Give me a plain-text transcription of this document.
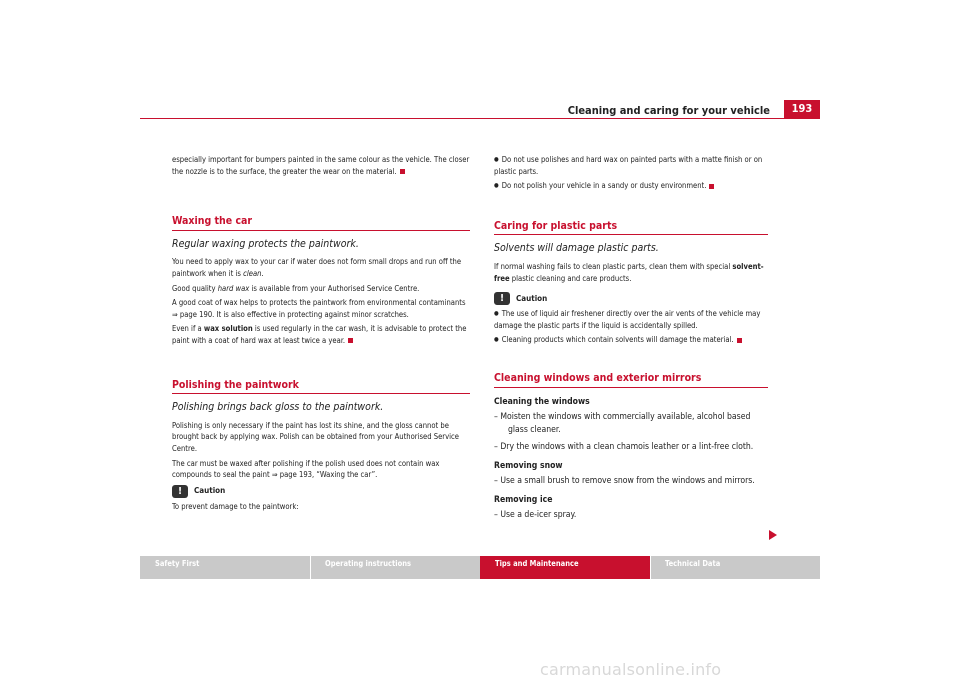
Cleaning and caring for your vehicle	193

especially important for bumpers painted in the same colour as the vehicle. The closer the nozzle is to the surface, the greater the wear on the material.

Waxing the car
Regular waxing protects the paintwork.

You need to apply wax to your car if water does not form small drops and run off the paintwork when it is clean.

Good quality hard wax is available from your Authorised Service Centre.

A good coat of wax helps to protects the paintwork from environmental contaminants ⇒ page 190. It is also effective in protecting against minor scratches.

Even if a wax solution is used regularly in the car wash, it is advisable to protect the paint with a coat of hard wax at least twice a year.

Polishing the paintwork
Polishing brings back gloss to the paintwork.

Polishing is only necessary if the paint has lost its shine, and the gloss cannot be brought back by applying wax. Polish can be obtained from your Authorised Service Centre.

The car must be waxed after polishing if the polish used does not contain wax compounds to seal the paint ⇒ page 193, “Waxing the car”.

!	Caution

To prevent damage to the paintwork:

● Do not use polishes and hard wax on painted parts with a matte finish or on plastic parts.

● Do not polish your vehicle in a sandy or dusty environment.

Caring for plastic parts
Solvents will damage plastic parts.

If normal washing fails to clean plastic parts, clean them with special solvent-free plastic cleaning and care products.

!	Caution

● The use of liquid air freshener directly over the air vents of the vehicle may damage the plastic parts if the liquid is accidentally spilled.

● Cleaning products which contain solvents will damage the material.

Cleaning windows and exterior mirrors
Cleaning the windows
– Moisten the windows with commercially available, alcohol based glass cleaner.
– Dry the windows with a clean chamois leather or a lint-free cloth.
Removing snow
– Use a small brush to remove snow from the windows and mirrors.
Removing ice
– Use a de-icer spray.
Safety First	Operating instructions	Tips and Maintenance	Technical Data
carmanualsonline.info
